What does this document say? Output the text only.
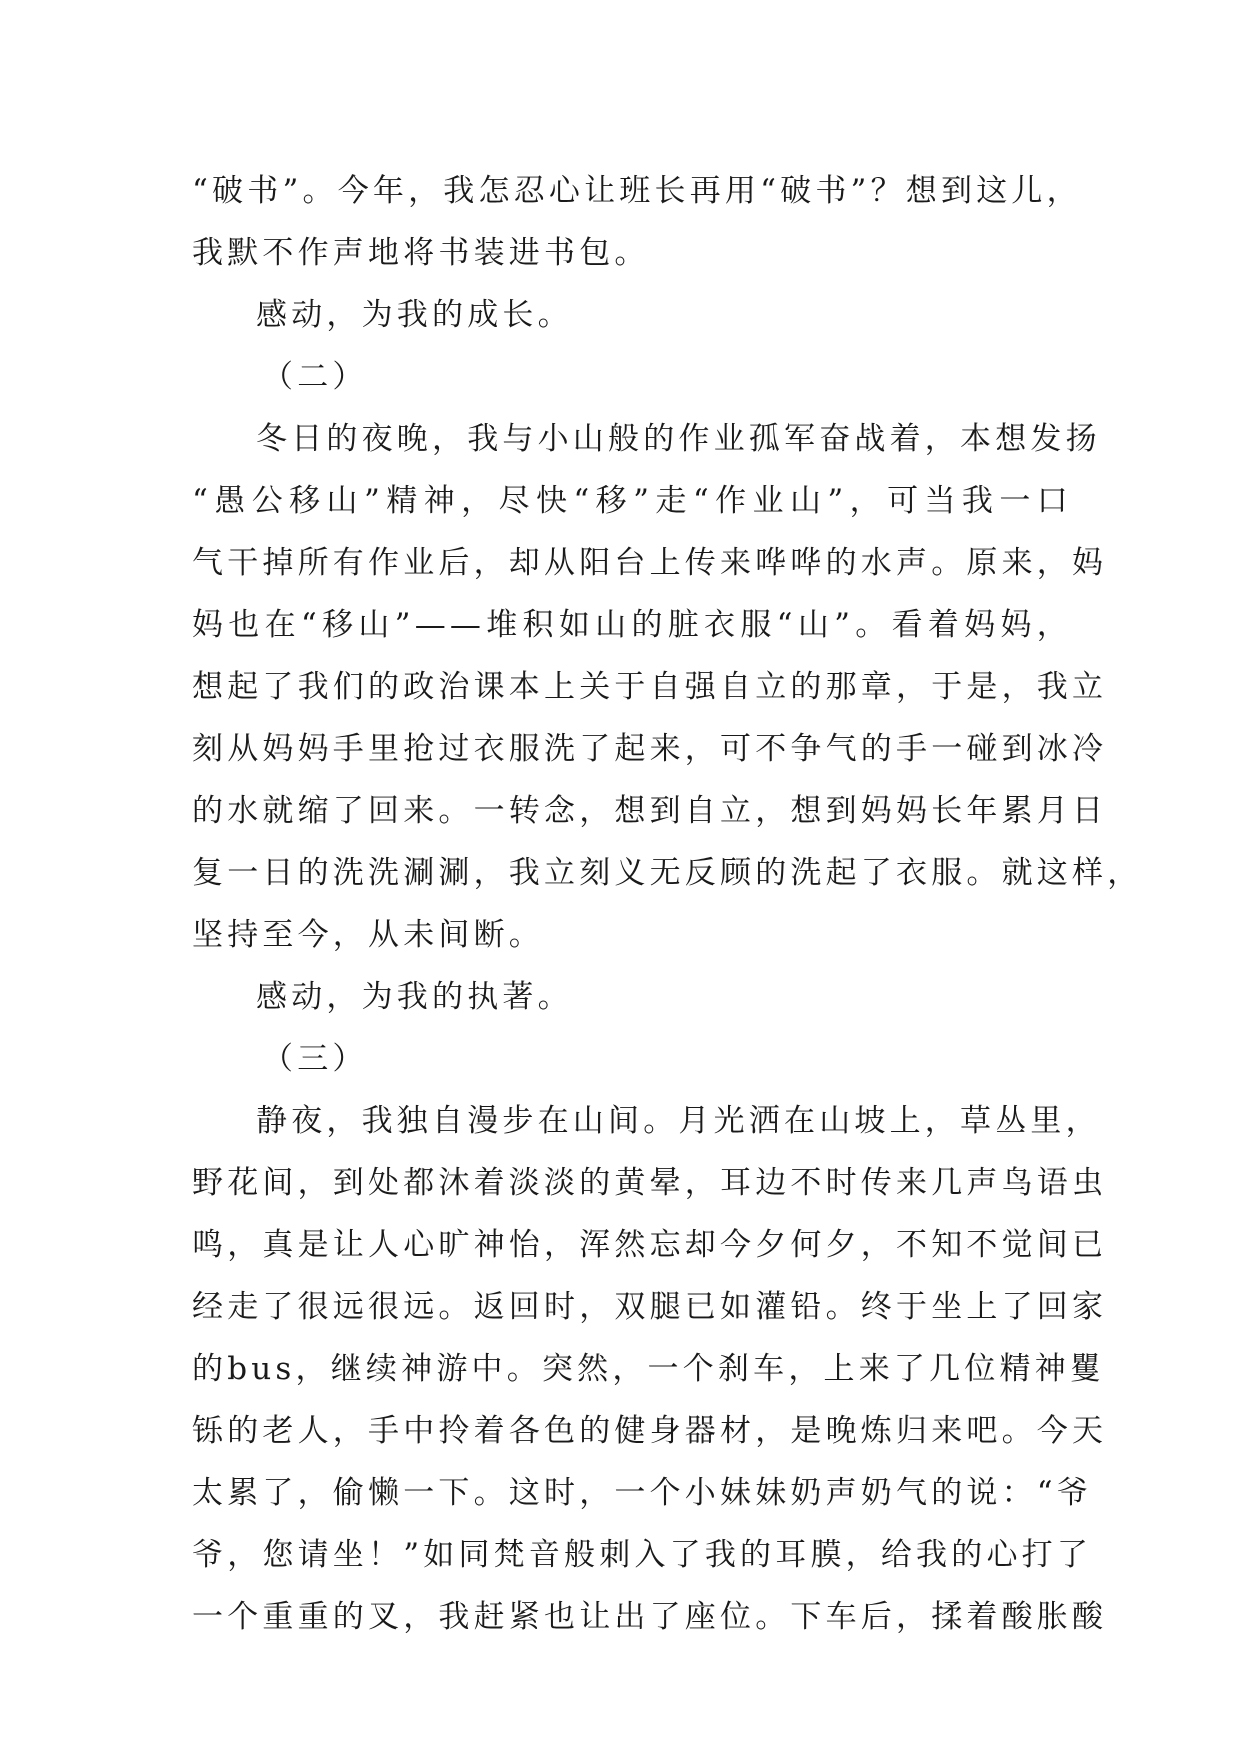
“破书”。今年，我怎忍心让班长再用“破书”？想到这儿，
我默不作声地将书装进书包。
感动，为我的成长。
（二）
冬日的夜晚，我与小山般的作业孤军奋战着，本想发扬
“愚公移山”精神，尽快“移”走“作业山”，可当我一口
气干掉所有作业后，却从阳台上传来哗哗的水声。原来，妈
妈也在“移山”——堆积如山的脏衣服“山”。看着妈妈，
想起了我们的政治课本上关于自强自立的那章，于是，我立
刻从妈妈手里抢过衣服洗了起来，可不争气的手一碰到冰冷
的水就缩了回来。一转念，想到自立，想到妈妈长年累月日
复一日的洗洗涮涮，我立刻义无反顾的洗起了衣服。就这样，
坚持至今，从未间断。
感动，为我的执著。
（三）
静夜，我独自漫步在山间。月光洒在山坡上，草丛里，
野花间，到处都沐着淡淡的黄晕，耳边不时传来几声鸟语虫
鸣，真是让人心旷神怡，浑然忘却今夕何夕，不知不觉间已
经走了很远很远。返回时，双腿已如灌铅。终于坐上了回家
的bus，继续神游中。突然，一个刹车，上来了几位精神矍
铄的老人，手中拎着各色的健身器材，是晚炼归来吧。今天
太累了，偷懒一下。这时，一个小妹妹奶声奶气的说：“爷
爷，您请坐！”如同梵音般刺入了我的耳膜，给我的心打了
一个重重的叉，我赶紧也让出了座位。下车后，揉着酸胀酸
